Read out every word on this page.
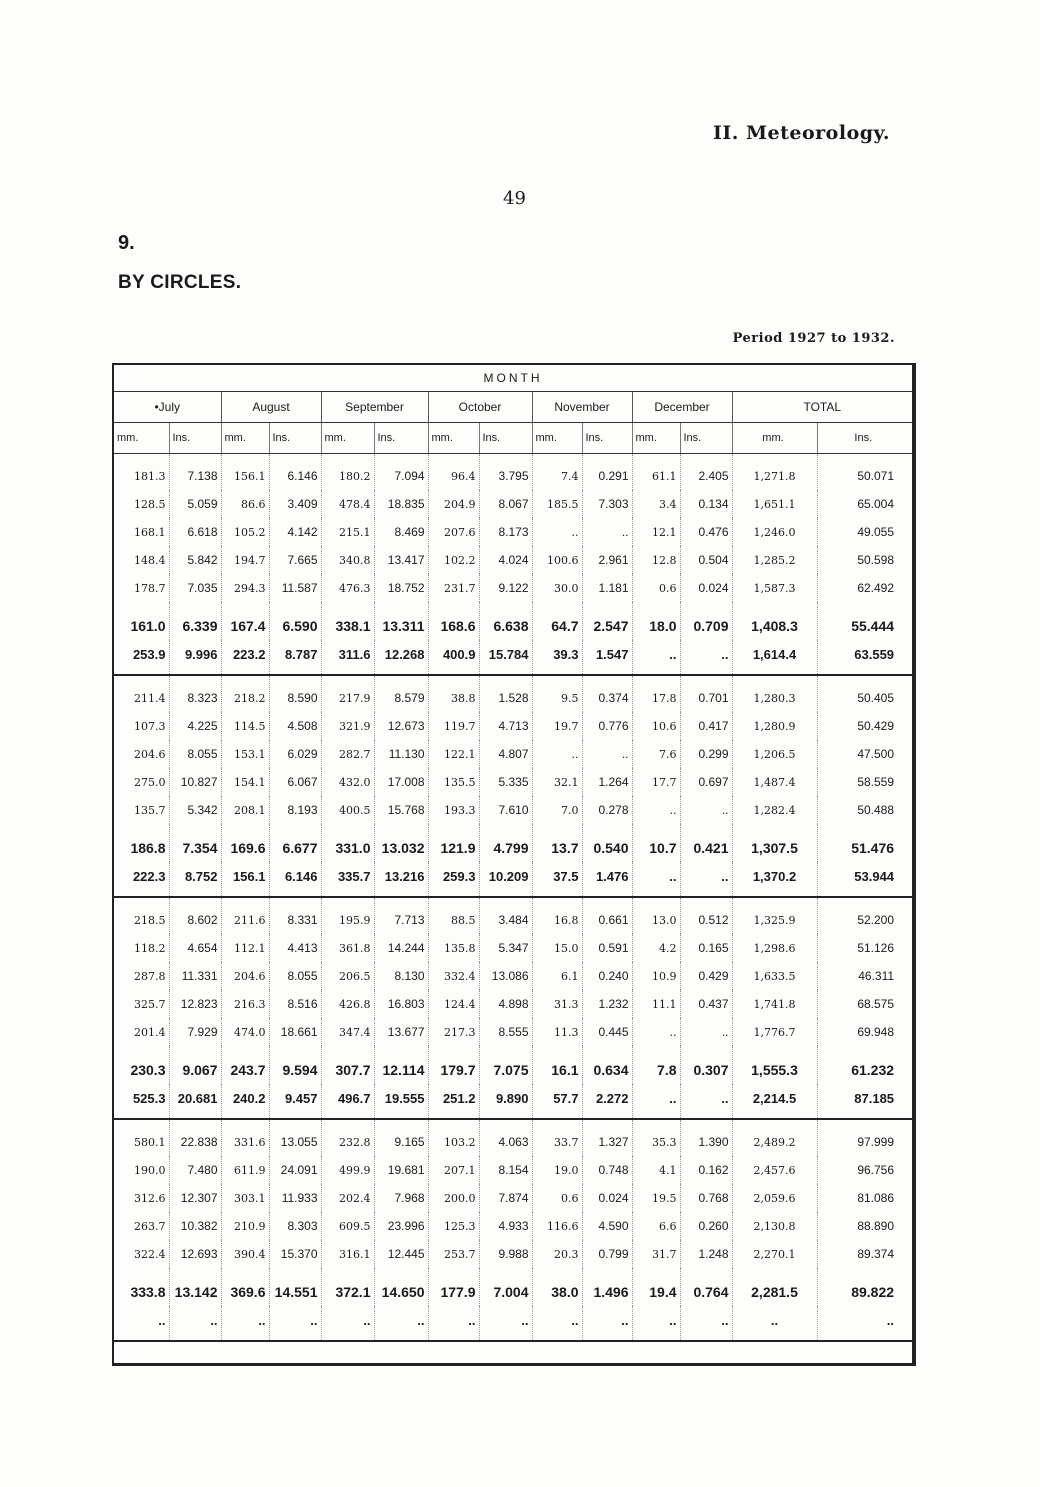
II. Meteorology.
49
9.
BY CIRCLES.
Period 1927 to 1932.
MONTH													
•July		August		September		October		November		December		TOTAL	
mm.	Ins.	mm.	Ins.	mm.	Ins.	mm.	Ins.	mm.	Ins.	mm.	Ins.	mm.	Ins.
181.3	7.138	156.1	6.146	180.2	7.094	96.4	3.795	7.4	0.291	61.1	2.405	1,271.8	50.071
128.5	5.059	86.6	3.409	478.4	18.835	204.9	8.067	185.5	7.303	3.4	0.134	1,651.1	65.004
168.1	6.618	105.2	4.142	215.1	8.469	207.6	8.173	..	..	12.1	0.476	1,246.0	49.055
148.4	5.842	194.7	7.665	340.8	13.417	102.2	4.024	100.6	2.961	12.8	0.504	1,285.2	50.598
178.7	7.035	294.3	11.587	476.3	18.752	231.7	9.122	30.0	1.181	0.6	0.024	1,587.3	62.492
161.0	6.339	167.4	6.590	338.1	13.311	168.6	6.638	64.7	2.547	18.0	0.709	1,408.3	55.444
253.9	9.996	223.2	8.787	311.6	12.268	400.9	15.784	39.3	1.547	..	..	1,614.4	63.559
211.4	8.323	218.2	8.590	217.9	8.579	38.8	1.528	9.5	0.374	17.8	0.701	1,280.3	50.405
107.3	4.225	114.5	4.508	321.9	12.673	119.7	4.713	19.7	0.776	10.6	0.417	1,280.9	50.429
204.6	8.055	153.1	6.029	282.7	11.130	122.1	4.807	..	..	7.6	0.299	1,206.5	47.500
275.0	10.827	154.1	6.067	432.0	17.008	135.5	5.335	32.1	1.264	17.7	0.697	1,487.4	58.559
135.7	5.342	208.1	8.193	400.5	15.768	193.3	7.610	7.0	0.278	..	..	1,282.4	50.488
186.8	7.354	169.6	6.677	331.0	13.032	121.9	4.799	13.7	0.540	10.7	0.421	1,307.5	51.476
222.3	8.752	156.1	6.146	335.7	13.216	259.3	10.209	37.5	1.476	..	..	1,370.2	53.944
218.5	8.602	211.6	8.331	195.9	7.713	88.5	3.484	16.8	0.661	13.0	0.512	1,325.9	52.200
118.2	4.654	112.1	4.413	361.8	14.244	135.8	5.347	15.0	0.591	4.2	0.165	1,298.6	51.126
287.8	11.331	204.6	8.055	206.5	8.130	332.4	13.086	6.1	0.240	10.9	0.429	1,633.5	46.311
325.7	12.823	216.3	8.516	426.8	16.803	124.4	4.898	31.3	1.232	11.1	0.437	1,741.8	68.575
201.4	7.929	474.0	18.661	347.4	13.677	217.3	8.555	11.3	0.445	..	..	1,776.7	69.948
230.3	9.067	243.7	9.594	307.7	12.114	179.7	7.075	16.1	0.634	7.8	0.307	1,555.3	61.232
525.3	20.681	240.2	9.457	496.7	19.555	251.2	9.890	57.7	2.272	..	..	2,214.5	87.185
580.1	22.838	331.6	13.055	232.8	9.165	103.2	4.063	33.7	1.327	35.3	1.390	2,489.2	97.999
190.0	7.480	611.9	24.091	499.9	19.681	207.1	8.154	19.0	0.748	4.1	0.162	2,457.6	96.756
312.6	12.307	303.1	11.933	202.4	7.968	200.0	7.874	0.6	0.024	19.5	0.768	2,059.6	81.086
263.7	10.382	210.9	8.303	609.5	23.996	125.3	4.933	116.6	4.590	6.6	0.260	2,130.8	88.890
322.4	12.693	390.4	15.370	316.1	12.445	253.7	9.988	20.3	0.799	31.7	1.248	2,270.1	89.374
333.8	13.142	369.6	14.551	372.1	14.650	177.9	7.004	38.0	1.496	19.4	0.764	2,281.5	89.822
..	..	..	..	..	..	..	..	..	..	..	..	..	..
